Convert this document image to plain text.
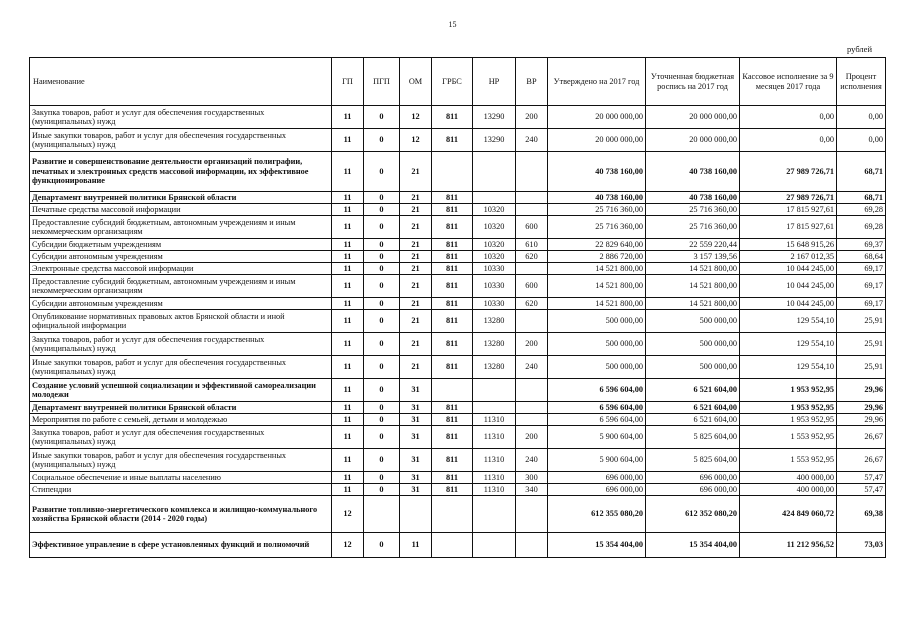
15
рублей
Наименование	ГП	ПГП	ОМ	ГРБС	НР	ВР	Утверждено на 2017 год	Уточненная бюджетная роспись на 2017 год	Кассовое исполнение за 9 месяцев 2017 года	Процент исполнения
Закупка товаров, работ и услуг для обеспечения государственных (муниципальных) нужд	11	0	12	811	13290	200	20 000 000,00	20 000 000,00	0,00	0,00
Иные закупки товаров, работ и услуг для обеспечения государственных (муниципальных) нужд	11	0	12	811	13290	240	20 000 000,00	20 000 000,00	0,00	0,00
Развитие и совершенствование деятельности организаций полиграфии, печатных и электронных средств массовой информации, их эффективное функционирование	11	0	21				40 738 160,00	40 738 160,00	27 989 726,71	68,71
Департамент внутренней политики Брянской области	11	0	21	811			40 738 160,00	40 738 160,00	27 989 726,71	68,71
Печатные средства массовой информации	11	0	21	811	10320		25 716 360,00	25 716 360,00	17 815 927,61	69,28
Предоставление субсидий бюджетным, автономным учреждениям и иным некоммерческим организациям	11	0	21	811	10320	600	25 716 360,00	25 716 360,00	17 815 927,61	69,28
Субсидии бюджетным учреждениям	11	0	21	811	10320	610	22 829 640,00	22 559 220,44	15 648 915,26	69,37
Субсидии автономным учреждениям	11	0	21	811	10320	620	2 886 720,00	3 157 139,56	2 167 012,35	68,64
Электронные средства массовой информации	11	0	21	811	10330		14 521 800,00	14 521 800,00	10 044 245,00	69,17
Предоставление субсидий бюджетным, автономным учреждениям и иным некоммерческим организациям	11	0	21	811	10330	600	14 521 800,00	14 521 800,00	10 044 245,00	69,17
Субсидии автономным учреждениям	11	0	21	811	10330	620	14 521 800,00	14 521 800,00	10 044 245,00	69,17
Опубликование нормативных правовых актов Брянской области и иной официальной информации	11	0	21	811	13280		500 000,00	500 000,00	129 554,10	25,91
Закупка товаров, работ и услуг для обеспечения государственных (муниципальных) нужд	11	0	21	811	13280	200	500 000,00	500 000,00	129 554,10	25,91
Иные закупки товаров, работ и услуг для обеспечения государственных (муниципальных) нужд	11	0	21	811	13280	240	500 000,00	500 000,00	129 554,10	25,91
Создание условий успешной социализации и эффективной самореализации молодежи	11	0	31				6 596 604,00	6 521 604,00	1 953 952,95	29,96
Департамент внутренней политики Брянской области	11	0	31	811			6 596 604,00	6 521 604,00	1 953 952,95	29,96
Мероприятия по работе с семьей, детьми и молодежью	11	0	31	811	11310		6 596 604,00	6 521 604,00	1 953 952,95	29,96
Закупка товаров, работ и услуг для обеспечения государственных (муниципальных) нужд	11	0	31	811	11310	200	5 900 604,00	5 825 604,00	1 553 952,95	26,67
Иные закупки товаров, работ и услуг для обеспечения государственных (муниципальных) нужд	11	0	31	811	11310	240	5 900 604,00	5 825 604,00	1 553 952,95	26,67
Социальное обеспечение и иные выплаты населению	11	0	31	811	11310	300	696 000,00	696 000,00	400 000,00	57,47
Стипендии	11	0	31	811	11310	340	696 000,00	696 000,00	400 000,00	57,47
Развитие топливно-энергетического комплекса и жилищно-коммунального хозяйства Брянской области (2014 - 2020 годы)	12						612 355 080,20	612 352 080,20	424 849 060,72	69,38
Эффективное управление в сфере установленных функций и полномочий	12	0	11				15 354 404,00	15 354 404,00	11 212 956,52	73,03
